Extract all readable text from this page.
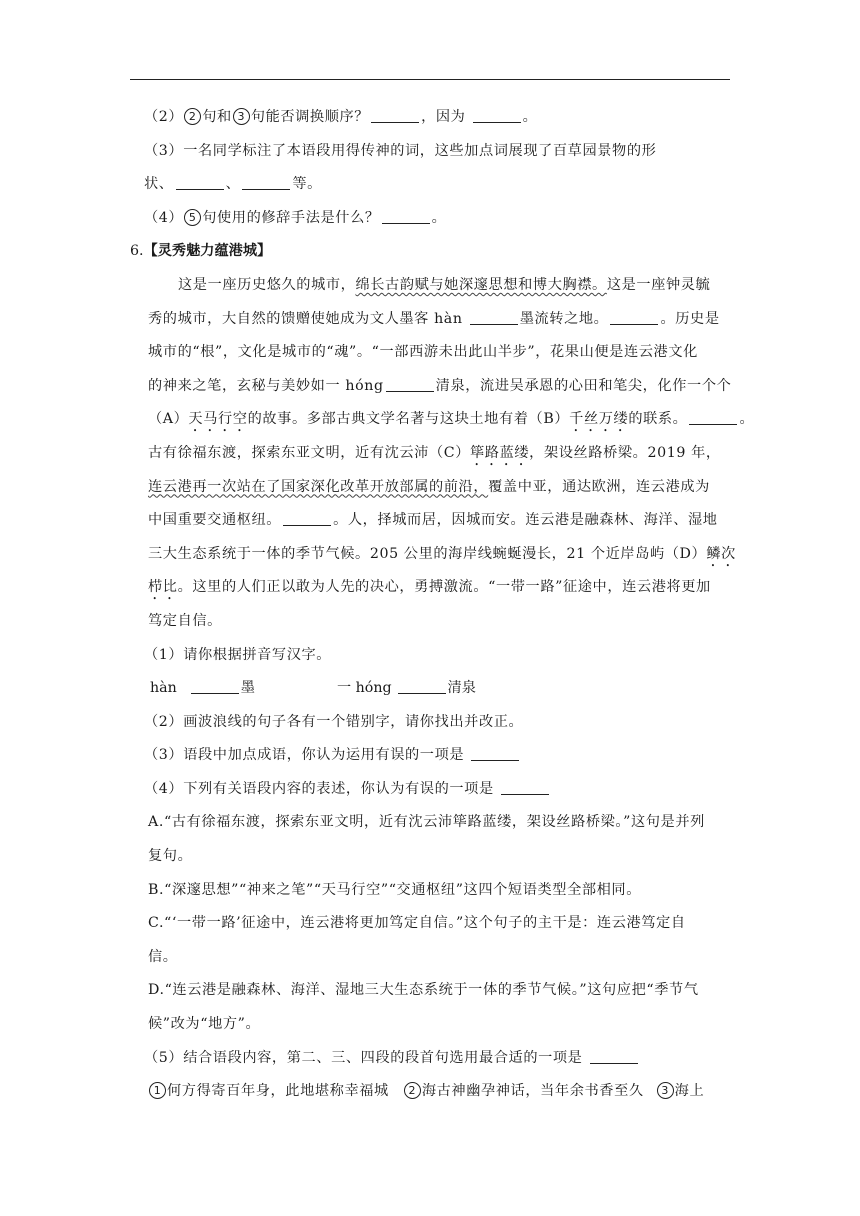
（2） 2 句和 3 句能否调换顺序？	，因为	。
（3）一名同学标注了本语段用得传神的词，这些加点词展现了百草园景物的形
状、	、	等。
（4） 5 句使用的修辞手法是什么？	。
6.【灵秀魅力蕴港城】
这是一座历史悠久的城市，绵长古韵赋与她深邃思想和博大胸襟。这是一座钟灵毓
秀的城市，大自然的馈赠使她成为文人墨客 hàn	墨流转之地。	。历史是
城市的“根”，文化是城市的“魂”。“一部西游未出此山半步”，花果山便是连云港文化
的神来之笔，玄秘与美妙如一 hóng	清泉，流进吴承恩的心田和笔尖，化作一个个
（A）天马行空的故事。多部古典文学名著与这块土地有着（B）千丝万缕的联系。	。
古有徐福东渡，探索东亚文明，近有沈云沛（C）筚路蓝缕，架设丝路桥梁。2019 年，
连云港再一次站在了国家深化改革开放部属的前沿，覆盖中亚，通达欧洲，连云港成为
中国重要交通枢纽。	。人，择城而居，因城而安。连云港是融森林、海洋、湿地
三大生态系统于一体的季节气候。205 公里的海岸线蜿蜒漫长，21 个近岸岛屿（D）鳞次
栉比。这里的人们正以敢为人先的决心，勇搏激流。“一带一路”征途中，连云港将更加
笃定自信。
（1）请你根据拼音写汉字。
hàn	墨	一 hóng	清泉
（2）画波浪线的句子各有一个错别字，请你找出并改正。
（3）语段中加点成语，你认为运用有误的一项是
（4）下列有关语段内容的表述，你认为有误的一项是
A.“古有徐福东渡，探索东亚文明，近有沈云沛筚路蓝缕，架设丝路桥梁。”这句是并列
复句。
B.“深邃思想”“神来之笔”“天马行空”“交通枢纽”这四个短语类型全部相同。
C.“‘一带一路’征途中，连云港将更加笃定自信。”这个句子的主干是：连云港笃定自
信。
D.“连云港是融森林、海洋、湿地三大生态系统于一体的季节气候。”这句应把“季节气
候”改为“地方”。
（5）结合语段内容，第二、三、四段的段首句选用最合适的一项是
1 何方得寄百年身，此地堪称幸福城 2 海古神幽孕神话，当年余书香至久 3 海上
